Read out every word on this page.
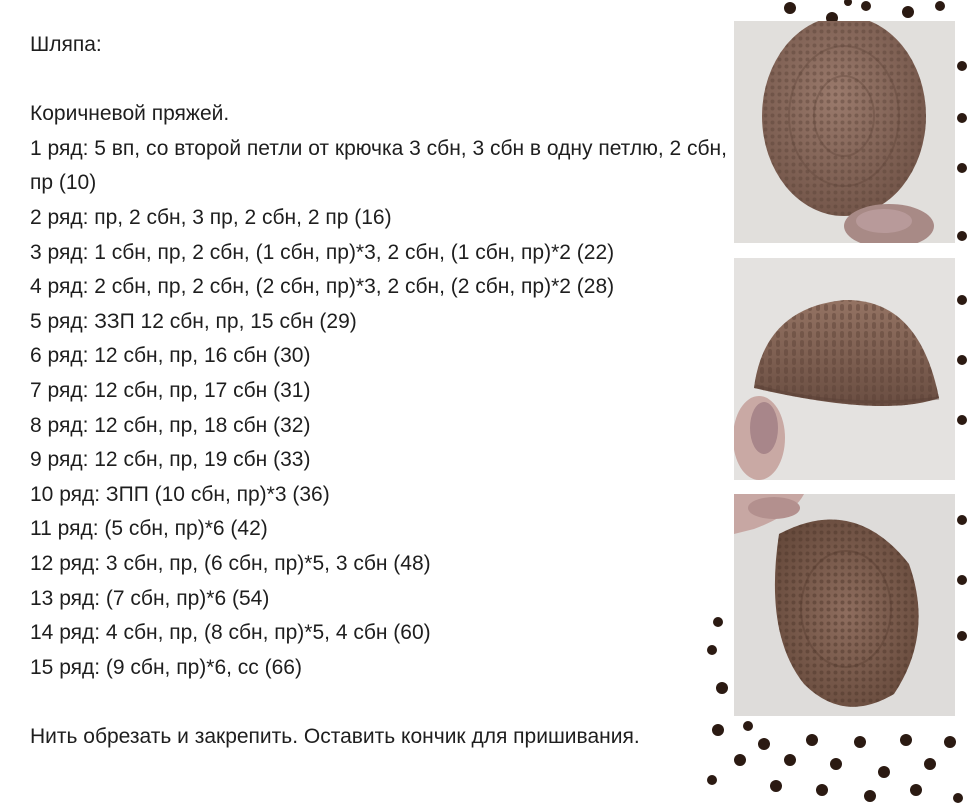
Шляпа:

Коричневой пряжей.

1 ряд: 5 вп, со второй петли от крючка 3 сбн, 3 сбн в одну петлю, 2 сбн, пр (10)

2 ряд: пр, 2 сбн, 3 пр, 2 сбн, 2 пр (16)

3 ряд: 1 сбн, пр, 2 сбн, (1 сбн, пр)*3, 2 сбн, (1 сбн, пр)*2 (22)

4 ряд: 2 сбн, пр, 2 сбн, (2 сбн, пр)*3, 2 сбн, (2 сбн, пр)*2 (28)

5 ряд: ЗЗП 12 сбн, пр, 15 сбн (29)

6 ряд: 12 сбн, пр, 16 сбн (30)

7 ряд: 12 сбн, пр, 17 сбн (31)

8 ряд: 12 сбн, пр, 18 сбн (32)

9 ряд: 12 сбн, пр, 19 сбн (33)

10 ряд: ЗПП (10 сбн, пр)*3 (36)

11 ряд: (5 сбн, пр)*6 (42)

12 ряд: 3 сбн, пр, (6 сбн, пр)*5, 3 сбн (48)

13 ряд: (7 сбн, пр)*6 (54)

14 ряд: 4 сбн, пр, (8 сбн, пр)*5, 4 сбн (60)

15 ряд: (9 сбн, пр)*6, сс (66)

Нить обрезать и закрепить. Оставить кончик для пришивания.
